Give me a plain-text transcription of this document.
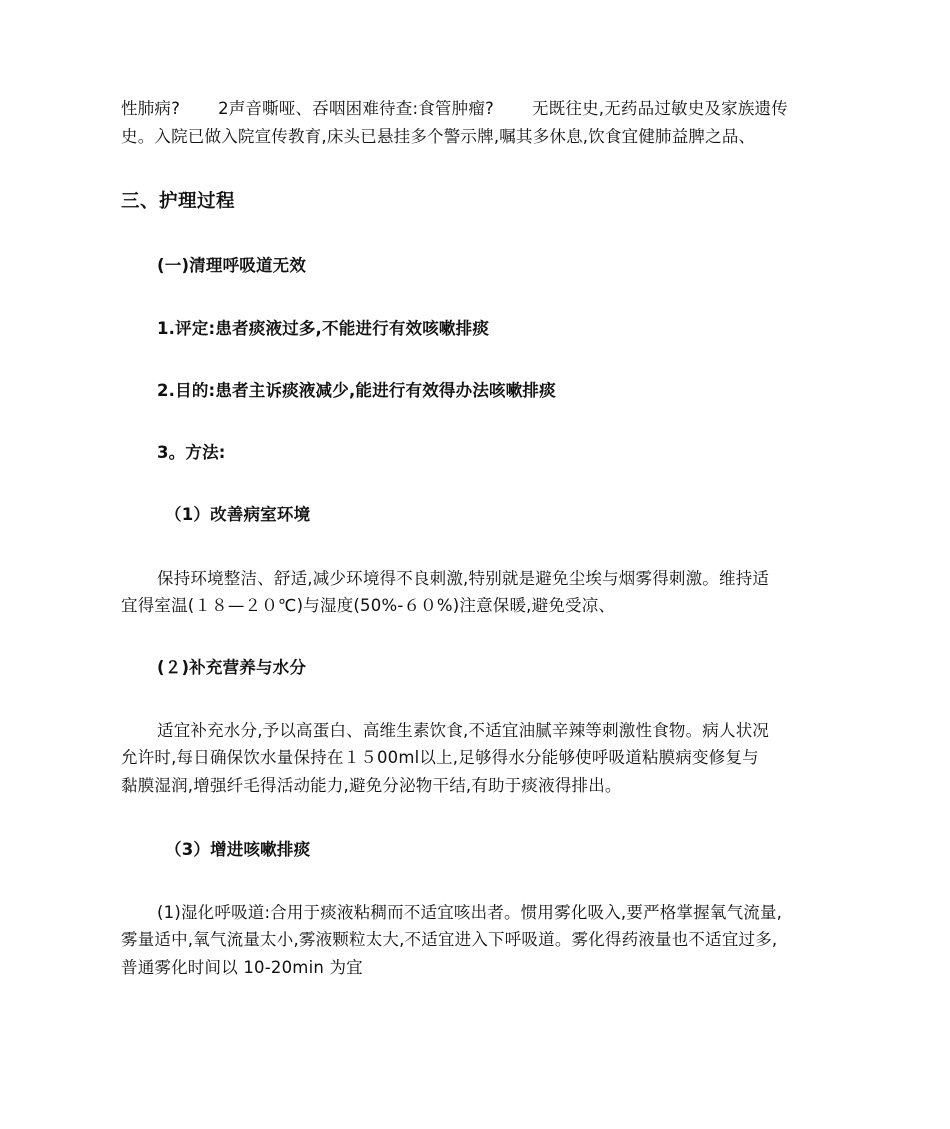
性肺病? 2声音嘶哑、吞咽困难待查:食管肿瘤? 无既往史,无药品过敏史及家族遗传
史。入院已做入院宣传教育,床头已悬挂多个警示牌,嘱其多休息,饮食宜健肺益脾之品、
三、护理过程
(一)清理呼吸道无效
1.评定:患者痰液过多,不能进行有效咳嗽排痰
2.目的:患者主诉痰液减少,能进行有效得办法咳嗽排痰
3。方法:
（1）改善病室环境
保持环境整洁、舒适,减少环境得不良刺激,特别就是避免尘埃与烟雾得刺激。维持适
宜得室温(１８—２０℃)与湿度(50%-６０%)注意保暖,避免受凉、
(２)补充营养与水分
适宜补充水分,予以高蛋白、高维生素饮食,不适宜油腻辛辣等刺激性食物。病人状况
允许时,每日确保饮水量保持在１５00ml以上,足够得水分能够使呼吸道粘膜病变修复与
黏膜湿润,增强纤毛得活动能力,避免分泌物干结,有助于痰液得排出。
（3）增进咳嗽排痰
(1)湿化呼吸道:合用于痰液粘稠而不适宜咳出者。惯用雾化吸入,要严格掌握氧气流量,
雾量适中,氧气流量太小,雾液颗粒太大,不适宜进入下呼吸道。雾化得药液量也不适宜过多,
普通雾化时间以 10-20min 为宜
